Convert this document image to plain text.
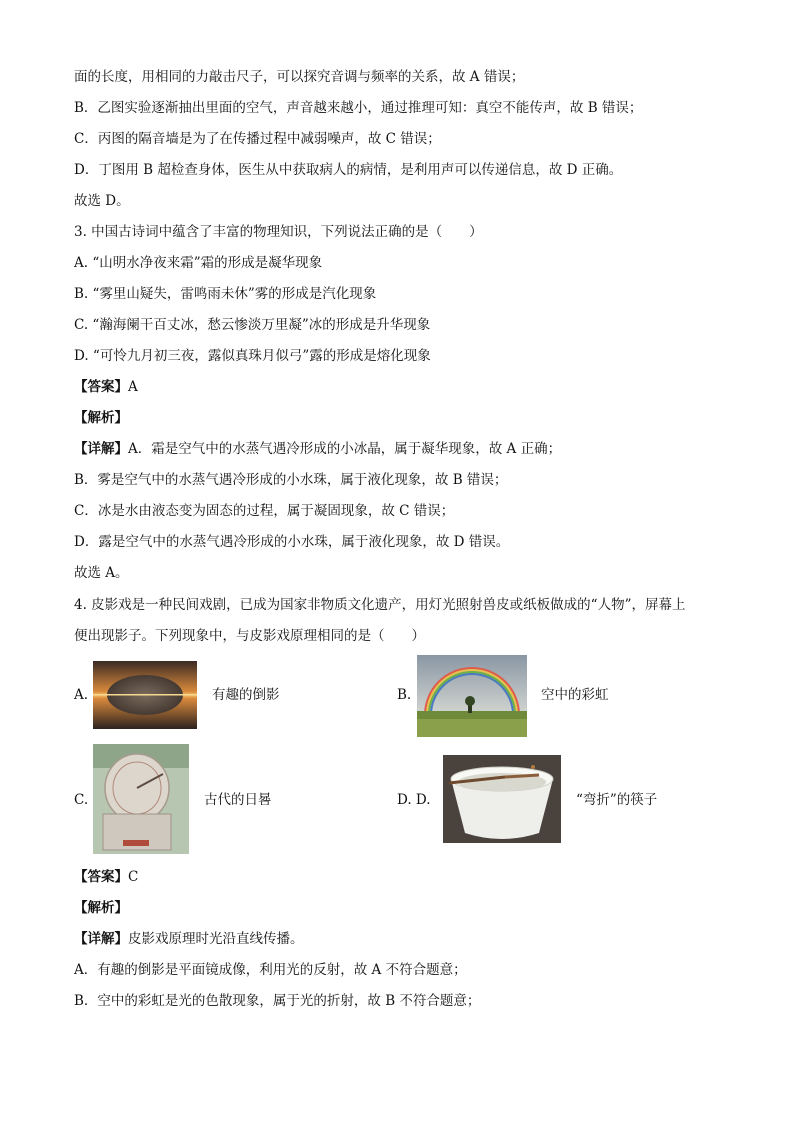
面的长度，用相同的力敲击尺子，可以探究音调与频率的关系，故 A 错误；
B．乙图实验逐渐抽出里面的空气，声音越来越小，通过推理可知：真空不能传声，故 B 错误；
C．丙图的隔音墙是为了在传播过程中减弱噪声，故 C 错误；
D．丁图用 B 超检查身体，医生从中获取病人的病情，是利用声可以传递信息，故 D 正确。
故选 D。
3. 中国古诗词中蕴含了丰富的物理知识，下列说法正确的是（　　）
A. “山明水净夜来霜”霜的形成是凝华现象
B. “雾里山疑失，雷鸣雨未休”雾的形成是汽化现象
C. “瀚海阑干百丈冰，愁云惨淡万里凝”冰的形成是升华现象
D. “可怜九月初三夜，露似真珠月似弓”露的形成是熔化现象
【答案】A
【解析】
【详解】A．霜是空气中的水蒸气遇冷形成的小冰晶，属于凝华现象，故 A 正确；
B．雾是空气中的水蒸气遇冷形成的小水珠，属于液化现象，故 B 错误；
C．冰是水由液态变为固态的过程，属于凝固现象，故 C 错误；
D．露是空气中的水蒸气遇冷形成的小水珠，属于液化现象，故 D 错误。
故选 A。
4. 皮影戏是一种民间戏剧，已成为国家非物质文化遗产，用灯光照射兽皮或纸板做成的“人物”，屏幕上
便出现影子。下列现象中，与皮影戏原理相同的是（　　）
A.	有趣的倒影	B.	空中的彩虹
C.	古代的日晷	D. D.	“弯折”的筷子
【答案】C
【解析】
【详解】皮影戏原理时光沿直线传播。
A．有趣的倒影是平面镜成像，利用光的反射，故 A 不符合题意；
B．空中的彩虹是光的色散现象，属于光的折射，故 B 不符合题意；
